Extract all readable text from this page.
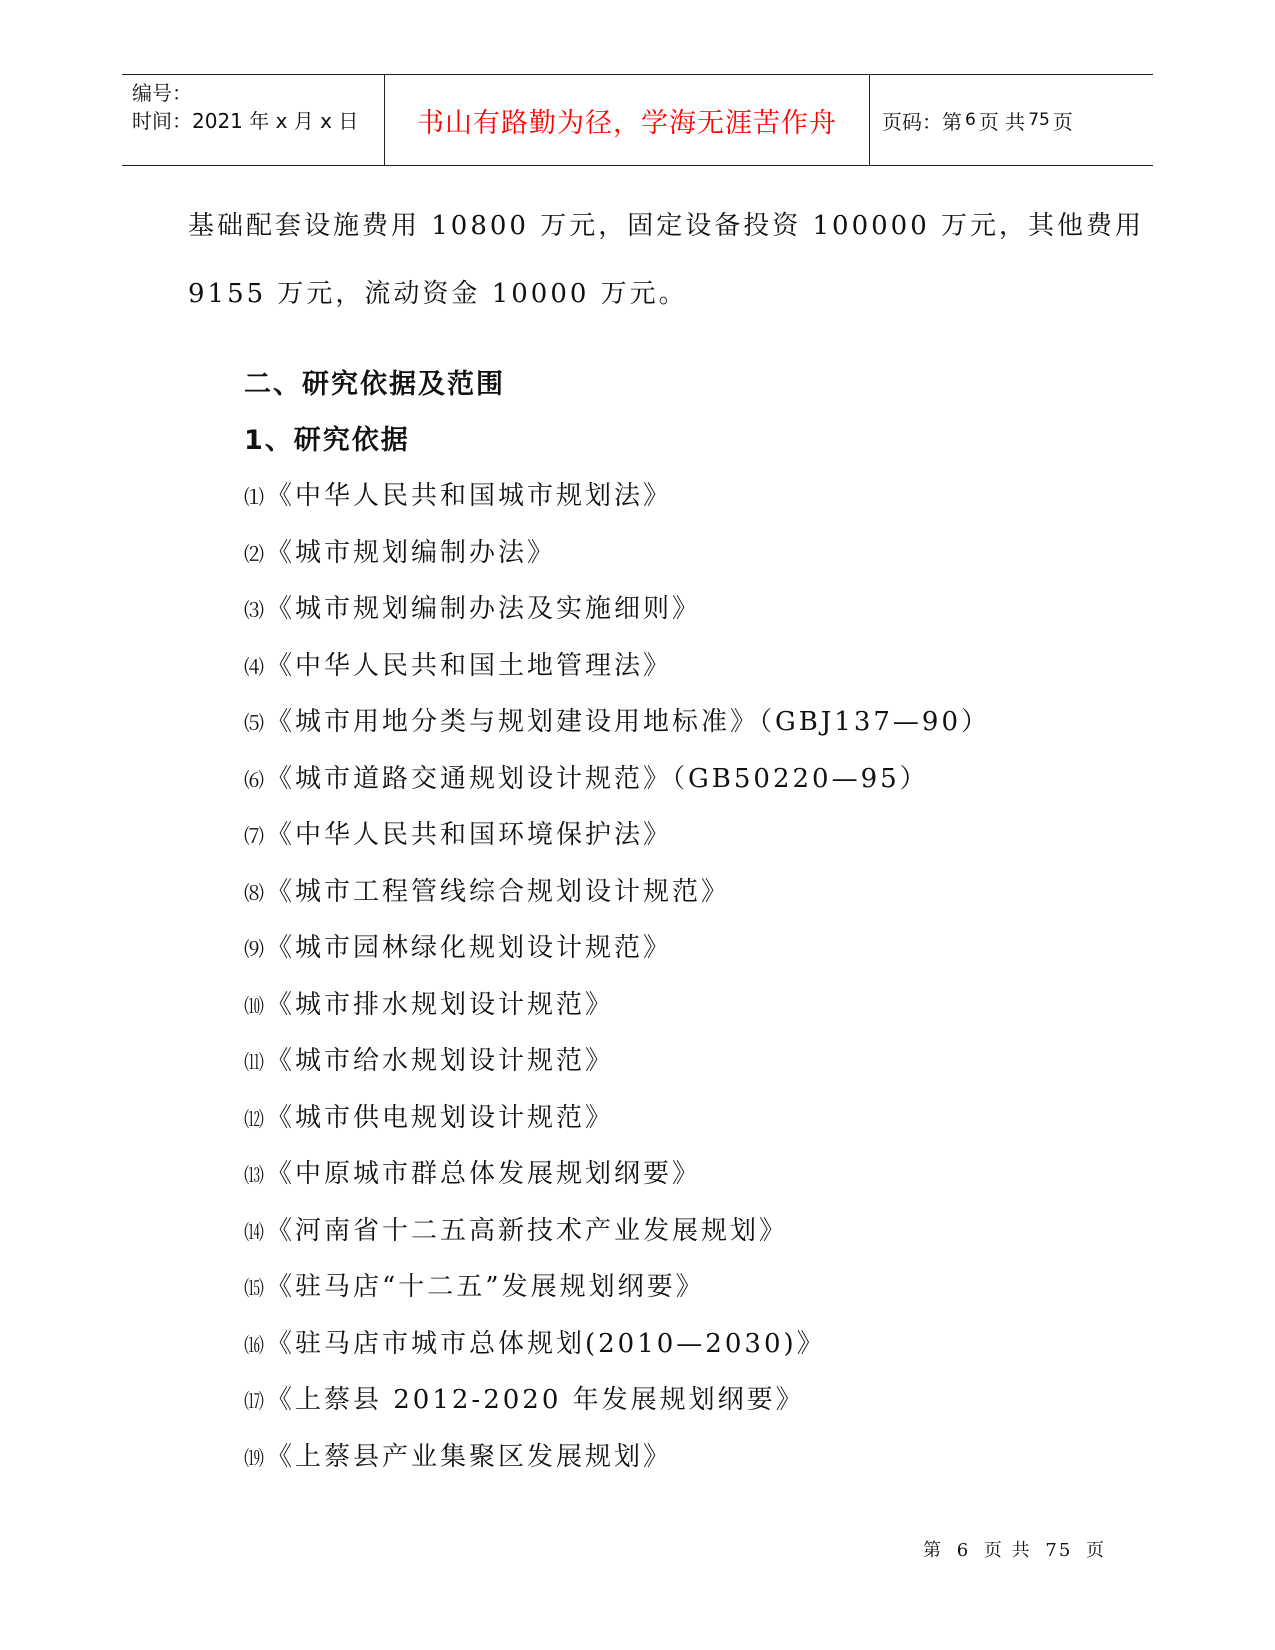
编号：
时间：2021 年 x 月 x 日	书山有路勤为径，学海无涯苦作舟	页码：第 6 页 共 75 页

基础配套设施费用 10800 万元，固定设备投资 100000 万元，其他费用
9155 万元，流动资金 10000 万元。

二、研究依据及范围
1、研究依据
⑴《中华人民共和国城市规划法》
⑵《城市规划编制办法》
⑶《城市规划编制办法及实施细则》
⑷《中华人民共和国土地管理法》
⑸《城市用地分类与规划建设用地标准》（GBJ137—90）
⑹《城市道路交通规划设计规范》（GB50220—95）
⑺《中华人民共和国环境保护法》
⑻《城市工程管线综合规划设计规范》
⑼《城市园林绿化规划设计规范》
⑽《城市排水规划设计规范》
⑾《城市给水规划设计规范》
⑿《城市供电规划设计规范》
⒀《中原城市群总体发展规划纲要》
⒁《河南省十二五高新技术产业发展规划》
⒂《驻马店“十二五”发展规划纲要》
⒃《驻马店市城市总体规划(2010—2030)》
⒄《上蔡县 2012-2020 年发展规划纲要》
⒆《上蔡县产业集聚区发展规划》
第 6 页 共 75 页
